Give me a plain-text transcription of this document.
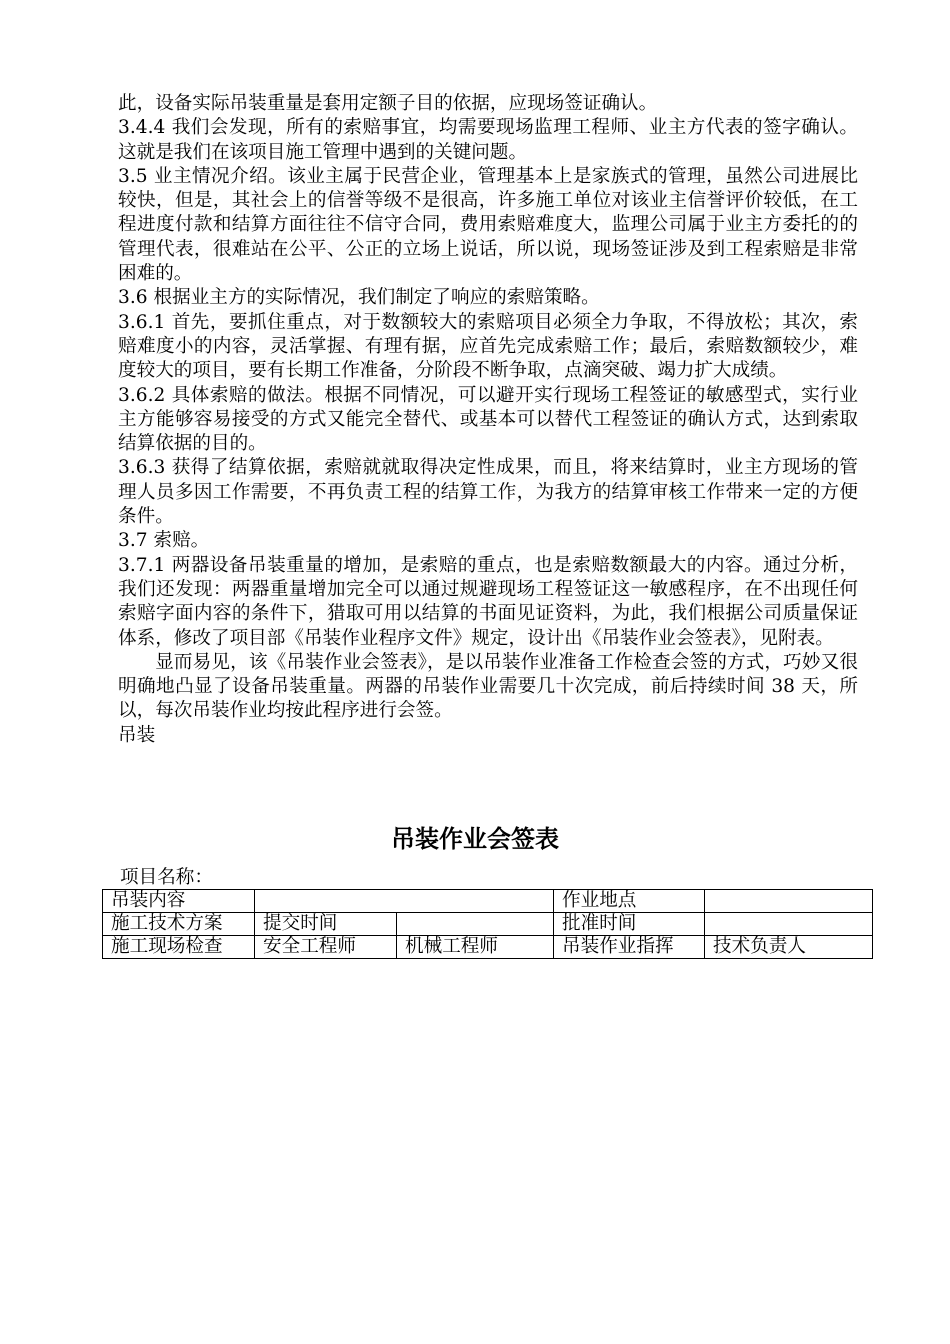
此，设备实际吊装重量是套用定额子目的依据，应现场签证确认。

3.4.4 我们会发现，所有的索赔事宜，均需要现场监理工程师、业主方代表的签字确认。这就是我们在该项目施工管理中遇到的关键问题。

3.5 业主情况介绍。该业主属于民营企业，管理基本上是家族式的管理，虽然公司进展比较快，但是，其社会上的信誉等级不是很高，许多施工单位对该业主信誉评价较低，在工程进度付款和结算方面往往不信守合同，费用索赔难度大，监理公司属于业主方委托的的管理代表，很难站在公平、公正的立场上说话，所以说，现场签证涉及到工程索赔是非常困难的。

3.6 根据业主方的实际情况，我们制定了响应的索赔策略。

3.6.1 首先，要抓住重点，对于数额较大的索赔项目必须全力争取，不得放松；其次，索赔难度小的内容，灵活掌握、有理有据，应首先完成索赔工作；最后，索赔数额较少，难度较大的项目，要有长期工作准备，分阶段不断争取，点滴突破、竭力扩大成绩。

3.6.2 具体索赔的做法。根据不同情况，可以避开实行现场工程签证的敏感型式，实行业主方能够容易接受的方式又能完全替代、或基本可以替代工程签证的确认方式，达到索取结算依据的目的。

3.6.3 获得了结算依据，索赔就就取得决定性成果，而且，将来结算时，业主方现场的管理人员多因工作需要，不再负责工程的结算工作，为我方的结算审核工作带来一定的方便条件。

3.7 索赔。

3.7.1 两器设备吊装重量的增加，是索赔的重点，也是索赔数额最大的内容。通过分析，我们还发现：两器重量增加完全可以通过规避现场工程签证这一敏感程序，在不出现任何索赔字面内容的条件下，猎取可用以结算的书面见证资料，为此，我们根据公司质量保证体系，修改了项目部《吊装作业程序文件》规定，设计出《吊装作业会签表》，见附表。

显而易见，该《吊装作业会签表》，是以吊装作业准备工作检查会签的方式，巧妙又很明确地凸显了设备吊装重量。两器的吊装作业需要几十次完成，前后持续时间 38 天，所以，每次吊装作业均按此程序进行会签。

吊装

吊装作业会签表
项目名称：
吊装内容			作业地点	
施工技术方案	提交时间		批准时间	
施工现场检查	安全工程师	机械工程师	吊装作业指挥	技术负责人
